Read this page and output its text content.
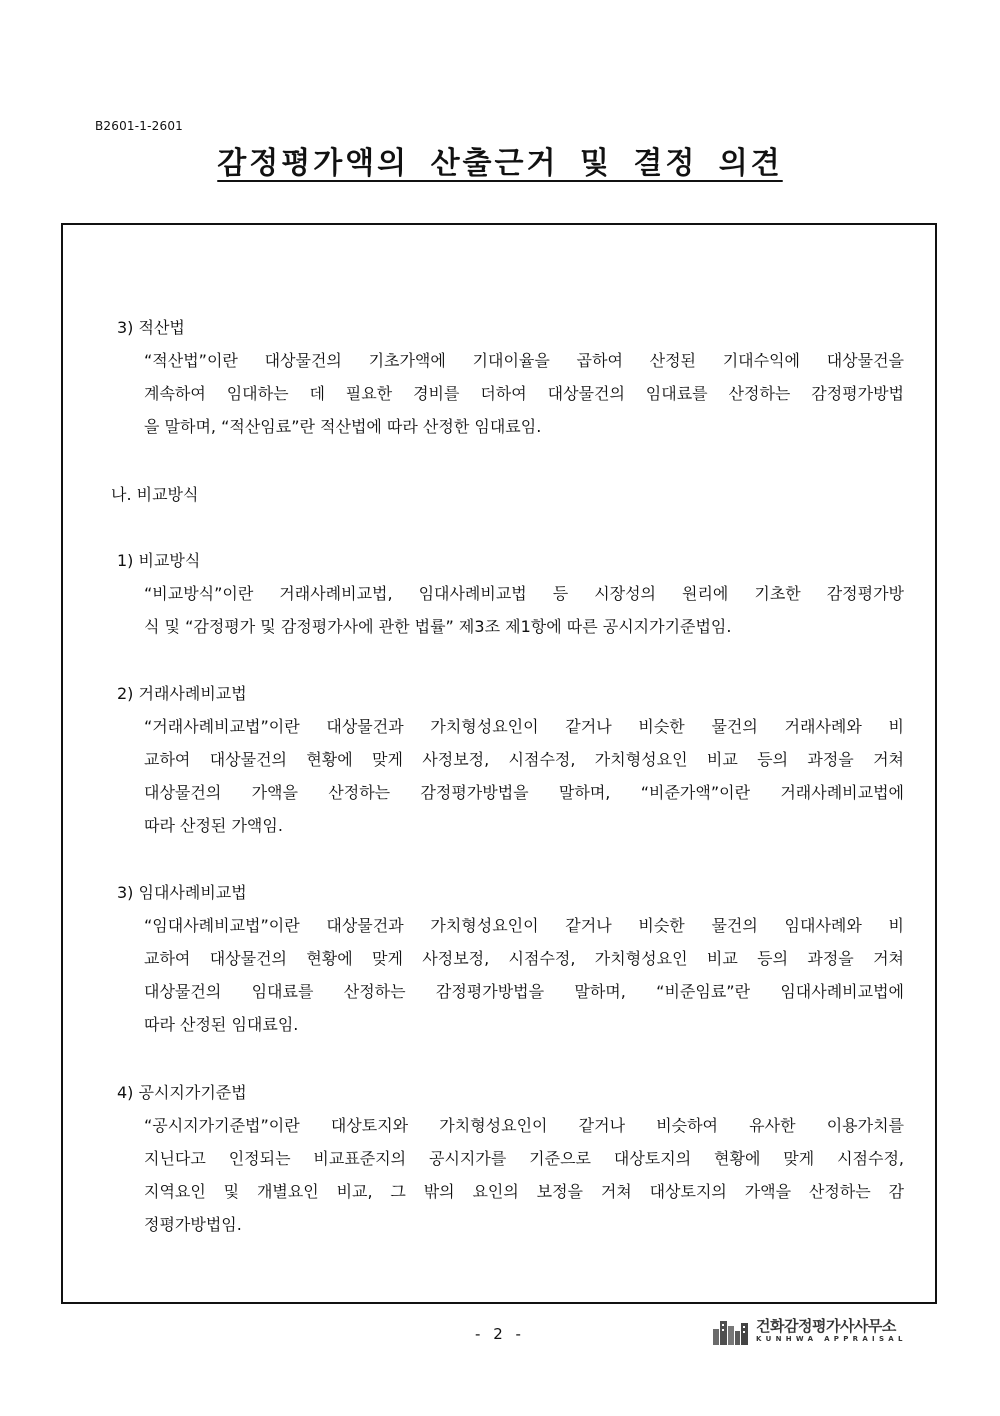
B2601-1-2601
감정평가액의 산출근거 및 결정 의견
3) 적산법
“적산법”이란 대상물건의 기초가액에 기대이율을 곱하여 산정된 기대수익에 대상물건을
계속하여 임대하는 데 필요한 경비를 더하여 대상물건의 임대료를 산정하는 감정평가방법
을 말하며, “적산임료”란 적산법에 따라 산정한 임대료임.
나. 비교방식
1) 비교방식
“비교방식”이란 거래사례비교법, 임대사례비교법 등 시장성의 원리에 기초한 감정평가방
식 및 “감정평가 및 감정평가사에 관한 법률” 제3조 제1항에 따른 공시지가기준법임.
2) 거래사례비교법
“거래사례비교법”이란 대상물건과 가치형성요인이 같거나 비슷한 물건의 거래사례와 비
교하여 대상물건의 현황에 맞게 사정보정, 시점수정, 가치형성요인 비교 등의 과정을 거쳐
대상물건의 가액을 산정하는 감정평가방법을 말하며, “비준가액”이란 거래사례비교법에
따라 산정된 가액임.
3) 임대사례비교법
“임대사례비교법”이란 대상물건과 가치형성요인이 같거나 비슷한 물건의 임대사례와 비
교하여 대상물건의 현황에 맞게 사정보정, 시점수정, 가치형성요인 비교 등의 과정을 거쳐
대상물건의 임대료를 산정하는 감정평가방법을 말하며, “비준임료”란 임대사례비교법에
따라 산정된 임대료임.
4) 공시지가기준법
“공시지가기준법”이란 대상토지와 가치형성요인이 같거나 비슷하여 유사한 이용가치를
지닌다고 인정되는 비교표준지의 공시지가를 기준으로 대상토지의 현황에 맞게 시점수정,
지역요인 및 개별요인 비교, 그 밖의 요인의 보정을 거쳐 대상토지의 가액을 산정하는 감
정평가방법임.
- 2 -	건화감정평가사사무소
KUNHWA APPRAISAL
